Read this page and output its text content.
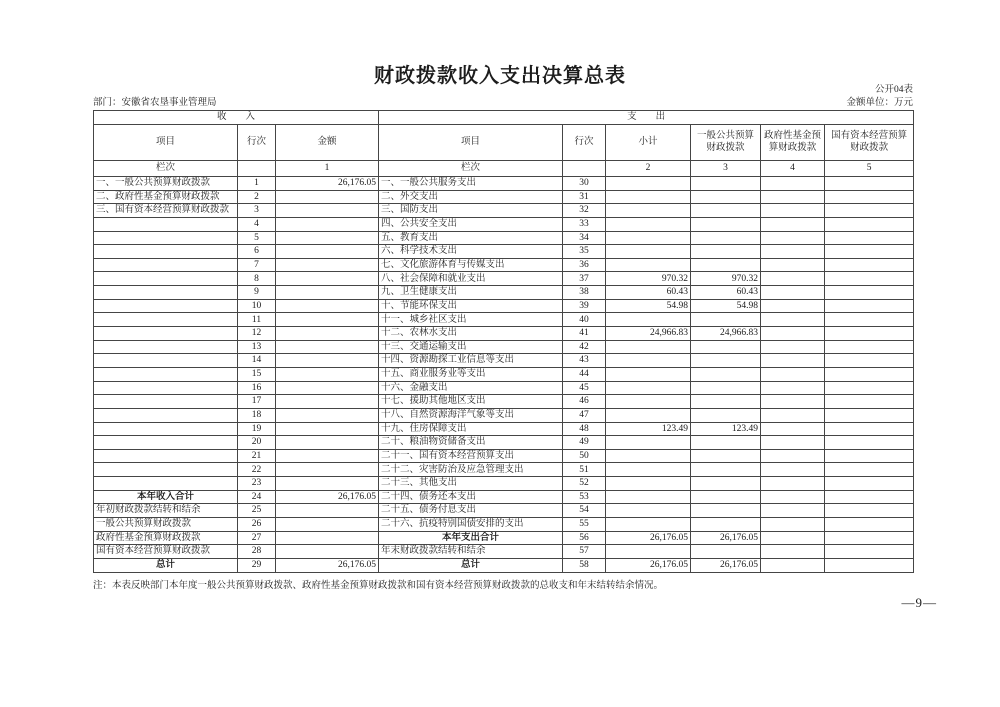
财政拨款收入支出决算总表
公开04表
部门：安徽省农垦事业管理局	金额单位：万元
收　　入			支　　出					
项目	行次	金额	项目	行次	小计	一般公共预算财政拨款	政府性基金预算财政拨款	国有资本经营预算财政拨款
栏次		1	栏次		2	3	4	5
一、一般公共预算财政拨款	1	26,176.05	一、一般公共服务支出	30				
二、政府性基金预算财政拨款	2		二、外交支出	31				
三、国有资本经营预算财政拨款	3		三、国防支出	32				
	4		四、公共安全支出	33				
	5		五、教育支出	34				
	6		六、科学技术支出	35				
	7		七、文化旅游体育与传媒支出	36				
	8		八、社会保障和就业支出	37	970.32	970.32		
	9		九、卫生健康支出	38	60.43	60.43		
	10		十、节能环保支出	39	54.98	54.98		
	11		十一、城乡社区支出	40				
	12		十二、农林水支出	41	24,966.83	24,966.83		
	13		十三、交通运输支出	42				
	14		十四、资源勘探工业信息等支出	43				
	15		十五、商业服务业等支出	44				
	16		十六、金融支出	45				
	17		十七、援助其他地区支出	46				
	18		十八、自然资源海洋气象等支出	47				
	19		十九、住房保障支出	48	123.49	123.49		
	20		二十、粮油物资储备支出	49				
	21		二十一、国有资本经营预算支出	50				
	22		二十二、灾害防治及应急管理支出	51				
	23		二十三、其他支出	52				
本年收入合计	24	26,176.05	二十四、债务还本支出	53				
年初财政拨款结转和结余	25		二十五、债务付息支出	54				
一般公共预算财政拨款	26		二十六、抗疫特别国债安排的支出	55				
政府性基金预算财政拨款	27		本年支出合计	56	26,176.05	26,176.05		
国有资本经营预算财政拨款	28		年末财政拨款结转和结余	57				
总计	29	26,176.05	总计	58	26,176.05	26,176.05		
注：本表反映部门本年度一般公共预算财政拨款、政府性基金预算财政拨款和国有资本经营预算财政拨款的总收支和年末结转结余情况。
—9—
